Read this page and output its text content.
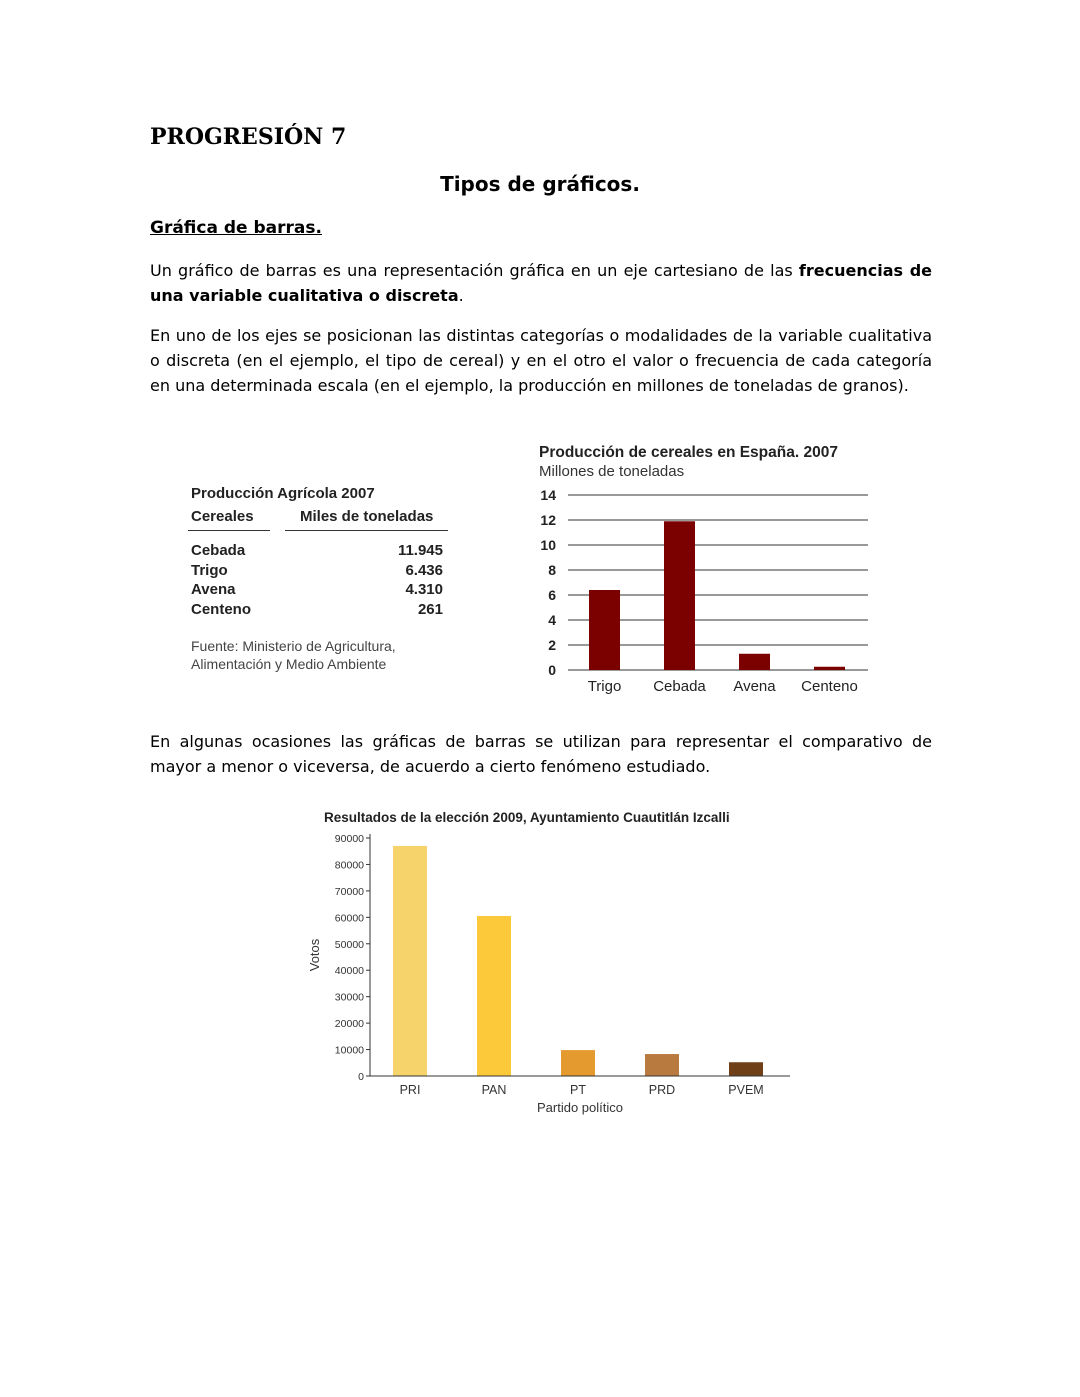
PROGRESIÓN 7
Tipos de gráficos.
Gráfica de barras.

Un gráfico de barras es una representación gráfica en un eje cartesiano de las frecuencias de una variable cualitativa o discreta.

En uno de los ejes se posicionan las distintas categorías o modalidades de la variable cualitativa o discreta (en el ejemplo, el tipo de cereal) y en el otro el valor o frecuencia de cada categoría en una determinada escala (en el ejemplo, la producción en millones de toneladas de granos).

Producción Agrícola 2007
Cereales	Miles de toneladas
Cebada	11.945
Trigo	6.436
Avena	4.310
Centeno	261
Fuente: Ministerio de Agricultura, Alimentación y Medio Ambiente
Producción de cereales en España. 2007
Millones de toneladas
0
2
4
6
8
10
12
14
Trigo Cebada Avena Centeno

En algunas ocasiones las gráficas de barras se utilizan para representar el comparativo de mayor a menor o viceversa, de acuerdo a cierto fenómeno estudiado.

Resultados de la elección 2009, Ayuntamiento Cuautitlán Izcalli
Votos
Partido político
0
10000
20000
30000
40000
50000
60000
70000
80000
90000
PRI	PAN	PT	PRD	PVEM
